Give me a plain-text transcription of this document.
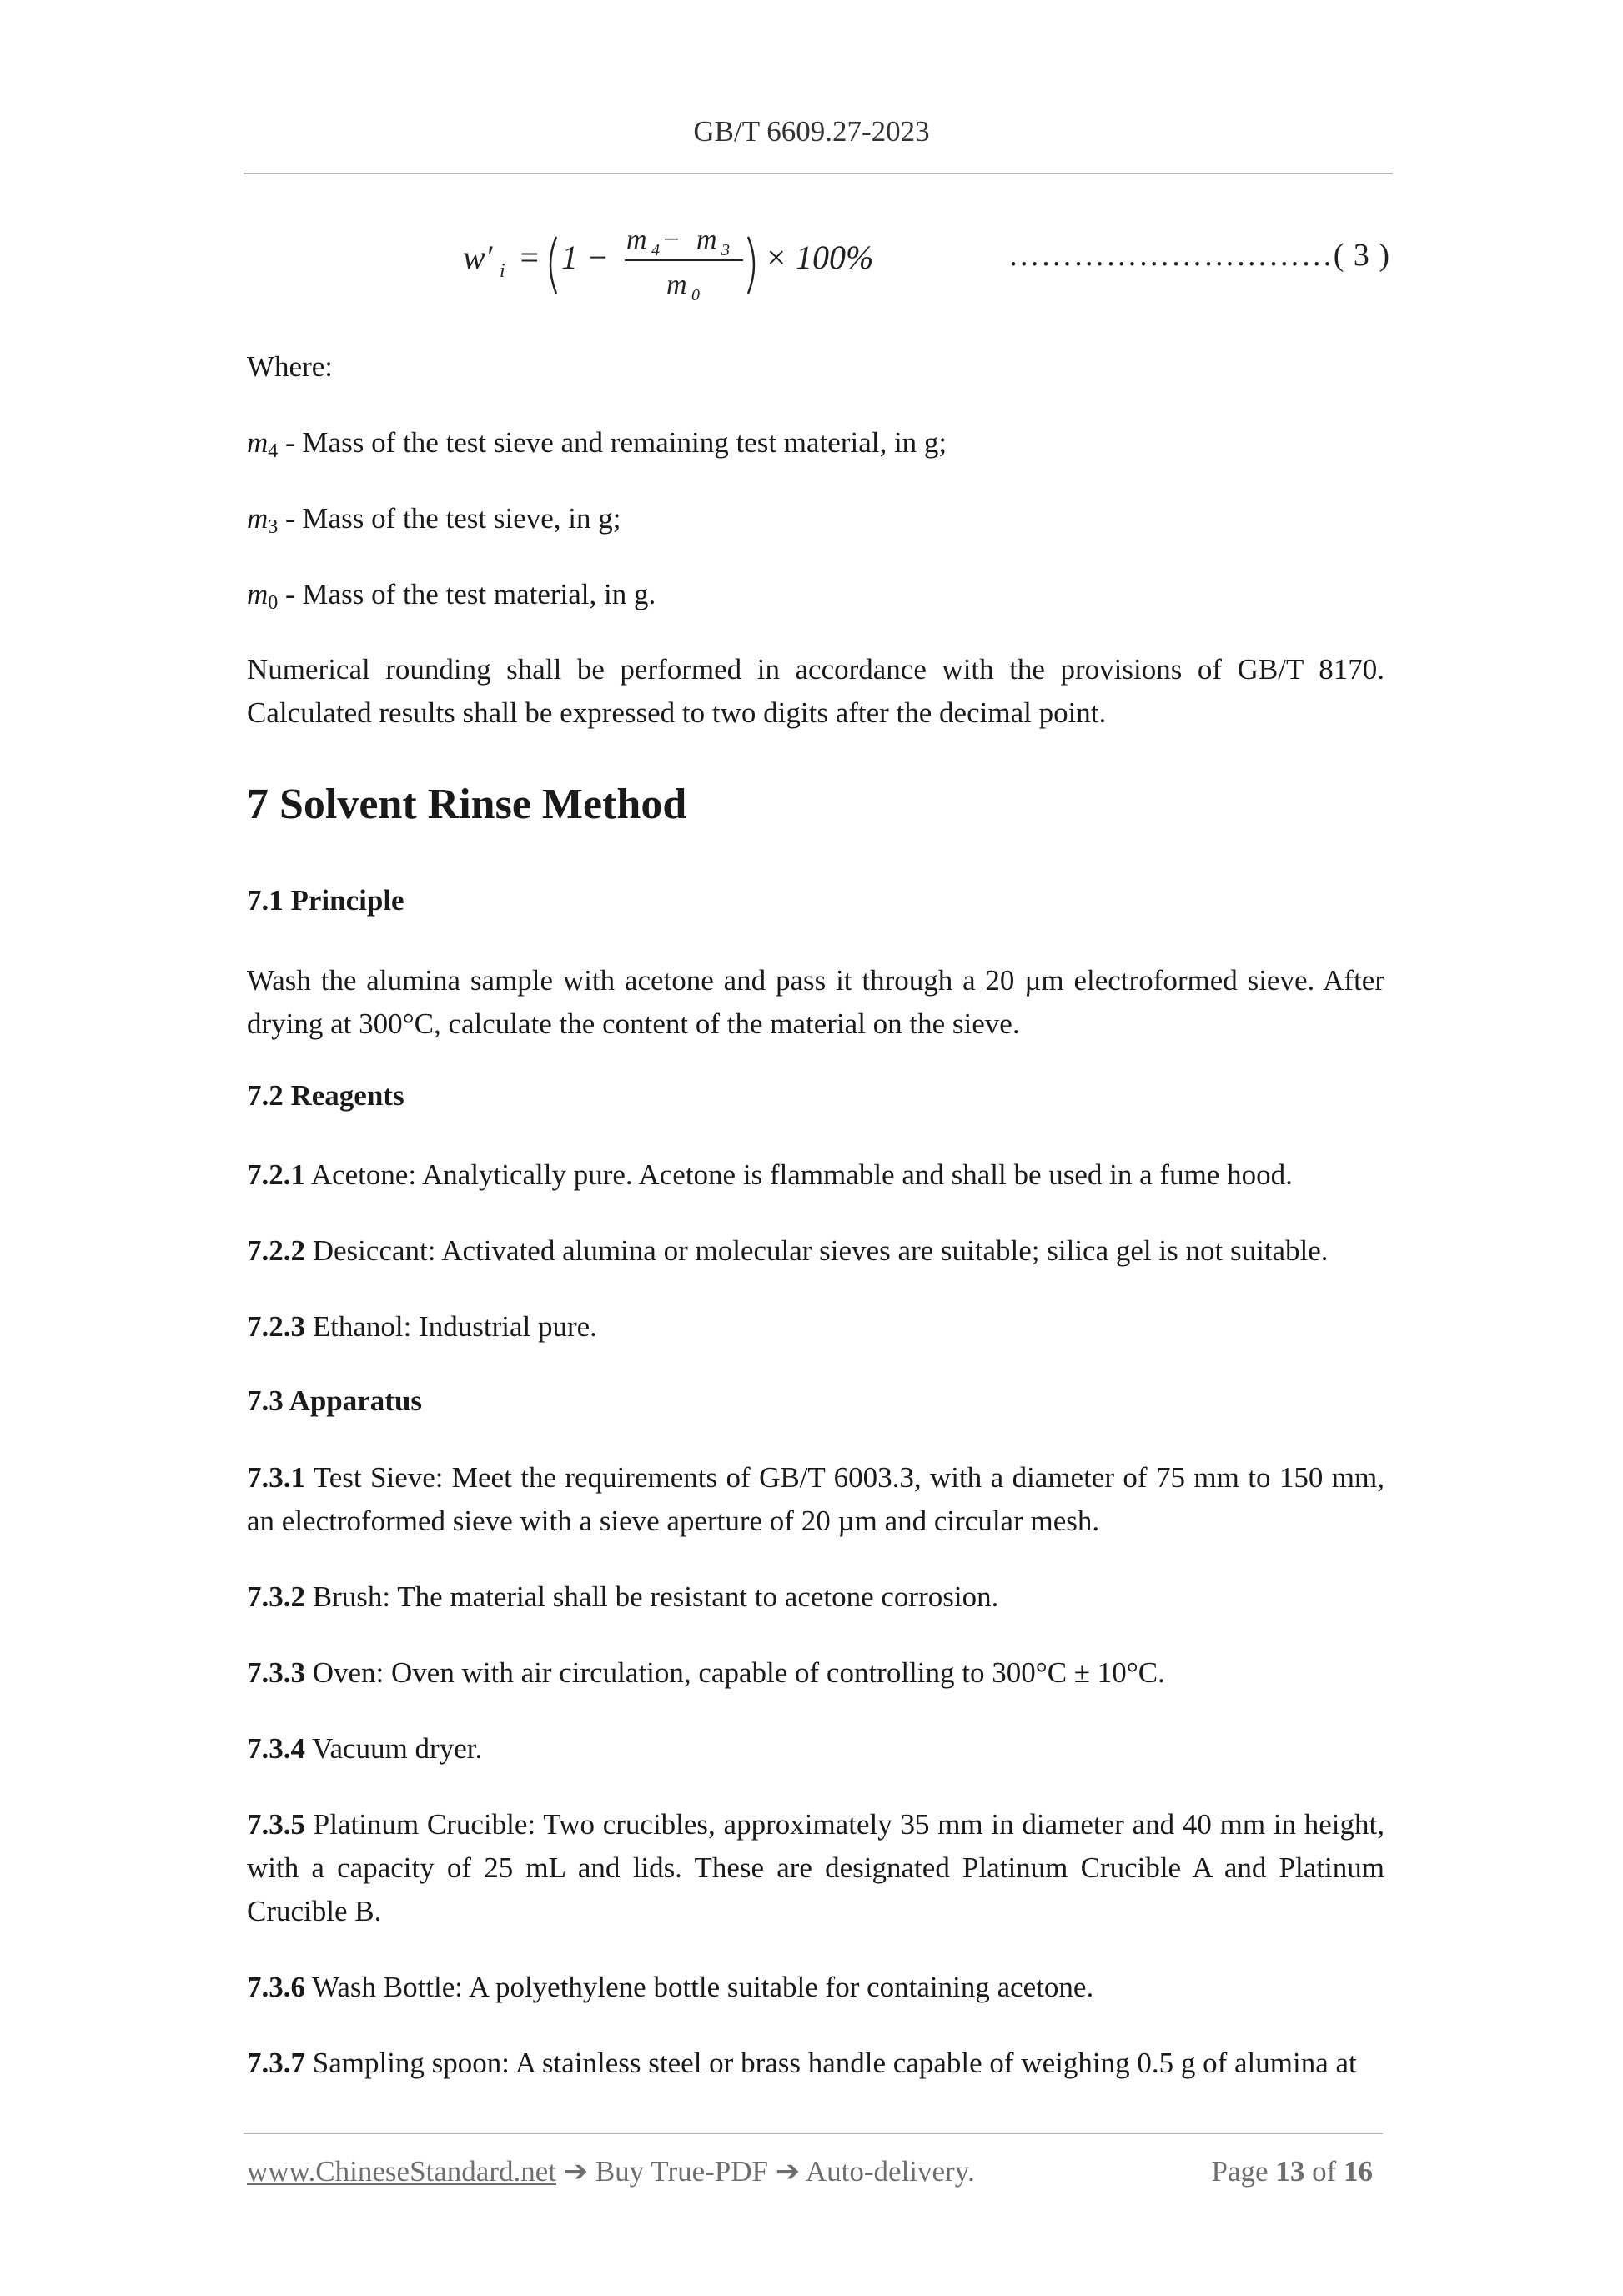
GB/T 6609.27-2023
w′ i = 1 − m 4 − m 3
m 0
× 100%	…………………………( 3 )

Where:

$m_4$ - Mass of the test sieve and remaining test material, in g;

$m_3$ - Mass of the test sieve, in g;

$m_0$ - Mass of the test material, in g.

Numerical rounding shall be performed in accordance with the provisions of GB/T 8170. Calculated results shall be expressed to two digits after the decimal point.

7 Solvent Rinse Method
7.1 Principle

Wash the alumina sample with acetone and pass it through a 20 µm electroformed sieve. After drying at 300°C, calculate the content of the material on the sieve.

7.2 Reagents

7.2.1 Acetone: Analytically pure. Acetone is flammable and shall be used in a fume hood.

7.2.2 Desiccant: Activated alumina or molecular sieves are suitable; silica gel is not suitable.

7.2.3 Ethanol: Industrial pure.

7.3 Apparatus

7.3.1 Test Sieve: Meet the requirements of GB/T 6003.3, with a diameter of 75 mm to 150 mm, an electroformed sieve with a sieve aperture of 20 µm and circular mesh.

7.3.2 Brush: The material shall be resistant to acetone corrosion.

7.3.3 Oven: Oven with air circulation, capable of controlling to 300°C ± 10°C.

7.3.4 Vacuum dryer.

7.3.5 Platinum Crucible: Two crucibles, approximately 35 mm in diameter and 40 mm in height, with a capacity of 25 mL and lids. These are designated Platinum Crucible A and Platinum Crucible B.

7.3.6 Wash Bottle: A polyethylene bottle suitable for containing acetone.

7.3.7 Sampling spoon: A stainless steel or brass handle capable of weighing 0.5 g of alumina at

www.ChineseStandard.net ➔ Buy True-PDF ➔ Auto-delivery.	Page 13 of 16
